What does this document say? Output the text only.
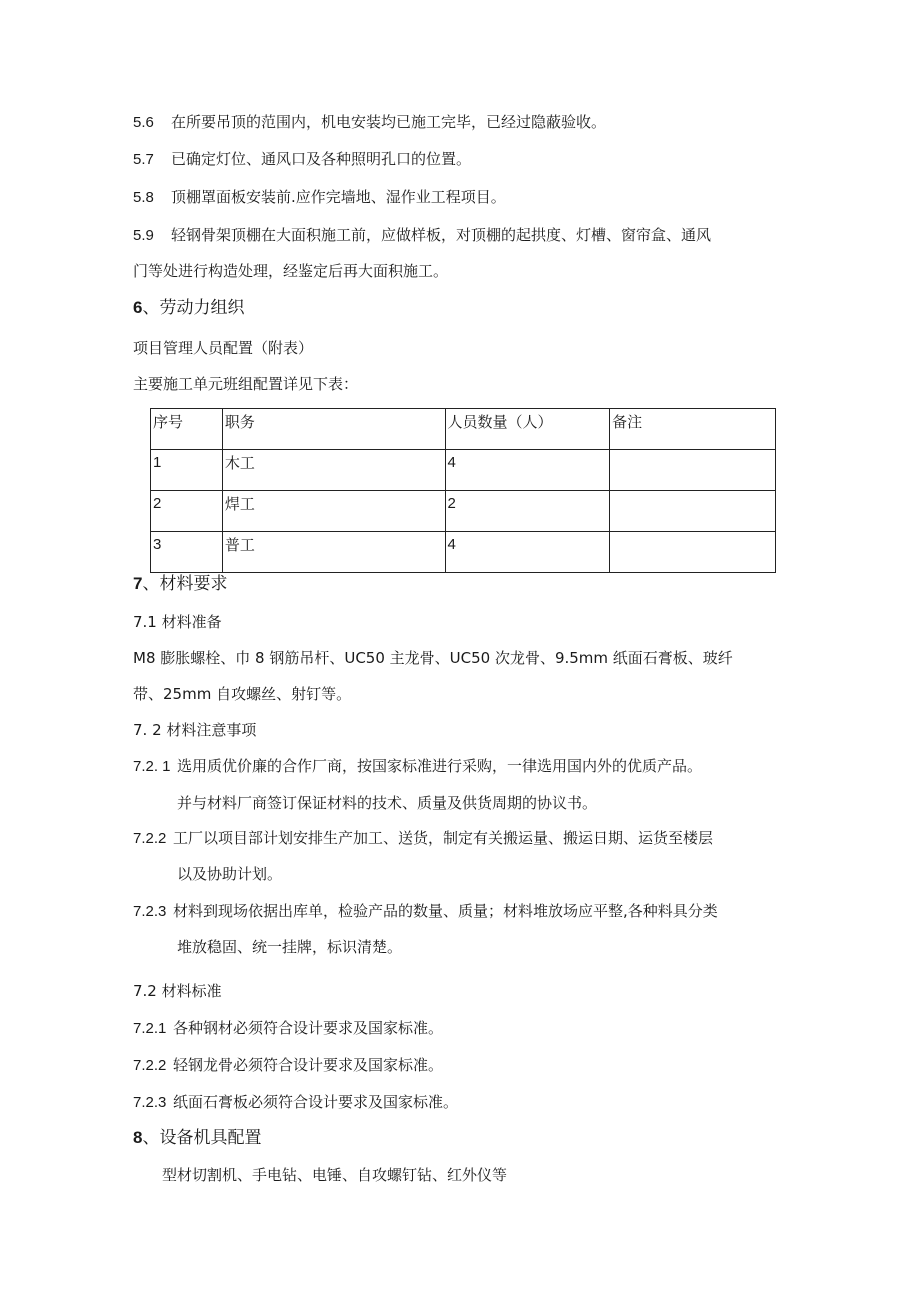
5.6 在所要吊顶的范围内，机电安装均已施工完毕，已经过隐蔽验收。
5.7 已确定灯位、通风口及各种照明孔口的位置。
5.8 顶棚罩面板安装前.应作完墙地、湿作业工程项目。
5.9 轻钢骨架顶棚在大面积施工前，应做样板，对顶棚的起拱度、灯槽、窗帘盒、通风
门等处进行构造处理，经鉴定后再大面积施工。
6、劳动力组织
项目管理人员配置（附表）
主要施工单元班组配置详见下表：
序号	职务	人员数量（人）	备注
1	木工	4	
2	焊工	2	
3	普工	4	
7、材料要求
7.1 材料准备
M8 膨胀螺栓、巾 8 钢筋吊杆、UC50 主龙骨、UC50 次龙骨、9.5mm 纸面石膏板、玻纤
带、25mm 自攻螺丝、射钉等。
7. 2 材料注意事项
7.2. 1 选用质优价廉的合作厂商，按国家标准进行采购，一律选用国内外的优质产品。
并与材料厂商签订保证材料的技术、质量及供货周期的协议书。
7.2.2 工厂以项目部计划安排生产加工、送货，制定有关搬运量、搬运日期、运货至楼层
以及协助计划。
7.2.3 材料到现场依据出库单，检验产品的数量、质量；材料堆放场应平整,各种料具分类
堆放稳固、统一挂牌，标识清楚。
7.2 材料标准
7.2.1 各种钢材必须符合设计要求及国家标准。
7.2.2 轻钢龙骨必须符合设计要求及国家标准。
7.2.3 纸面石膏板必须符合设计要求及国家标准。
8、设备机具配置
型材切割机、手电钻、电锤、自攻螺钉钻、红外仪等
